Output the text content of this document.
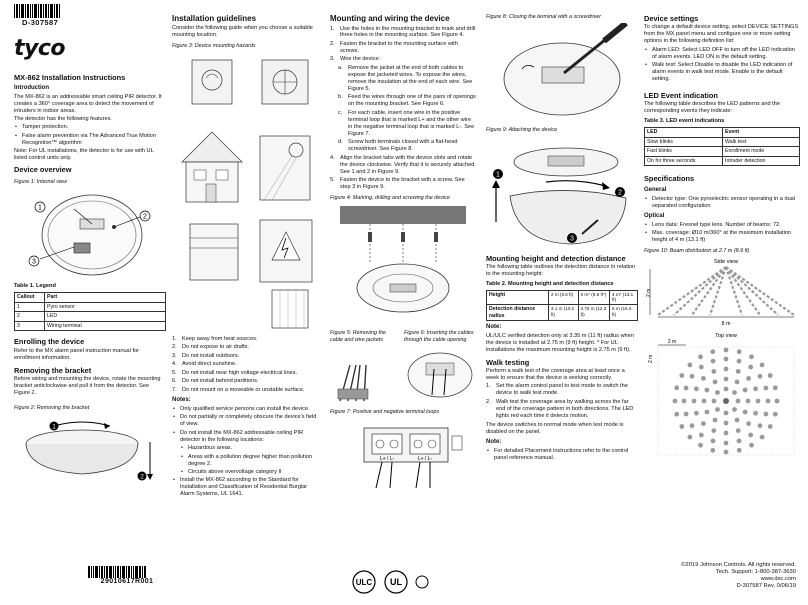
D-307587
tyco
MX-862 Installation Instructions
Introduction
The MX-862 is an addressable smart ceiling PIR detector. It creates a 360° coverage area to detect the movement of intruders in indoor areas.
The detector has the following features.
• Tamper protection.
• False alarm prevention via The Advanced True Motion Recognition™ algorithm
Note: For UL installations, the detector is for use with UL listed control units only.
Device overview
Figure 1: Internal view
1
2
3
Table 1. Legend
Callout	Part
1	Pyro sensor
2	LED
3	Wiring terminal
Enrolling the device
Refer to the MX alarm panel instruction manual for enrollment information.
Removing the bracket
Before wiring and mounting the device, rotate the mounting bracket anticlockwise and pull it from the detector. See Figure 2.
Figure 2: Removing the bracket
1
2
29010617R001
Installation guidelines
Consider the following guide when you choose a suitable mounting location.
Figure 3: Device mounting hazards
1. Keep away from heat sources.
2. Do not expose to air drafts.
3. Do not install outdoors.
4. Avoid direct sunshine.
5. Do not install near high voltage electrical lines.
6. Do not install behind partitions.
7. Do not mount on a moveable or unstable surface.
Notes:
• Only qualified service persons can install the device.
• Do not partially or completely obscure the device's field of view.
• Do not install the MX-862 addressable ceiling PIR detector in the following locations:
• Hazardous areas.
• Areas with a pollution degree higher than pollution degree 2.
• Circuits above overvoltage category II
• Install the MX-862 according to the Standard for Installation and Classification of Residential Burglar Alarm Systems, UL 1641.
Mounting and wiring the device
1. Use the holes in the mounting bracket to mark and drill three holes in the mounting surface. See Figure 4.
2. Fasten the bracket to the mounting surface with screws.
3. Wire the device:
a. Remove the jacket at the end of both cables to expose the jacketed wires. To expose the wires, remove the insulation at the end of each wire. See Figure 5.
b. Feed the wires through one of the pairs of openings on the mounting bracket. See Figure 6.
c. For each cable, insert one wire in the positive terminal loop that is marked L+ and the other wire in the negative terminal loop that is marked L-. See Figure 7.
d. Screw both terminals closed with a flat-head screwdriver. See Figure 8.
4. Align the bracket tabs with the device slots and rotate the device clockwise. Verify that it is securely attached. See 1 and 2 in Figure 9.
5. Fasten the device to the bracket with a screw. See step 3 in Figure 9.
Figure 4: Marking, drilling and screwing the device
Figure 5: Removing the cable and wire jackets
Figure 6: Inserting the cables through the cable opening
Figure 7: Positive and negative terminal loops
L+ / L-	L+ / L-
ULC UL
Figure 8: Closing the terminal with a screwdriver
Figure 9: Attaching the device
1
2
3
Mounting height and detection distance
The following table outlines the detection distance in relation to the mounting height:
Table 2. Mounting height and detection distance
Height	2 m (6.6 ft)	3 m* (9.8 ft*)	4 m* (13.1 ft)
Detection distance radius	3.1 m (10.2 ft)	3.75 m (12.3 ft)	5 m (16.4 ft)
Note:
UL/ULC verified detection only at 3.35 m (11 ft) radius when the device is installed at 2.75 m (9 ft) height. * For UL installations the maximum mounting height is 2.75 m (9 ft).
Walk testing
Perform a walk test of the coverage area at least once a week to ensure that the device is working correctly.
1. Set the alarm control panel to test mode to switch the device to walk test mode.
2. Walk test the coverage area by walking across the far end of the coverage pattern in both directions. The LED lights red each time it detects motion.
The device switches to normal mode when test mode is disabled on the panel.
Note:
• For detailed Placement instructions refer to the control panel reference manual.
Device settings
To change a default device setting, select DEVICE SETTINGS from the MX panel menu and configure one or more setting options in the following definition list:
• Alarm LED: Select LED OFF to turn off the LED indication of alarm events. LED ON is the default setting.
• Walk test: Select Disable to disable the LED indication of alarm events in walk test mode. Enable is the default setting.
LED Event indication
The following table describes the LED patterns and the corresponding events they indicate:
Table 3. LED event indications
LED	Event
Slow blinks	Walk test
Fast blinks	Enrollment mode
On for three seconds	Intruder detection
Specifications
General
• Detector type: One pyroelectric sensor operating in a dual separated configuration
Optical
• Lens data: Fresnel type lens. Number of beams: 72.
• Max. coverage: Ø10 m/360° at the maximum installation height of 4 m (13.1 ft)
Figure 10: Beam distribution at 2.7 m (8.9 ft)
Side view
2 m
8 m
Top view
2 m
2 m
©2019 Johnson Controls. All rights reserved.
Tech. Support: 1-800-387-3630
www.dsc.com
D-307587 Rev. 0/06/19
